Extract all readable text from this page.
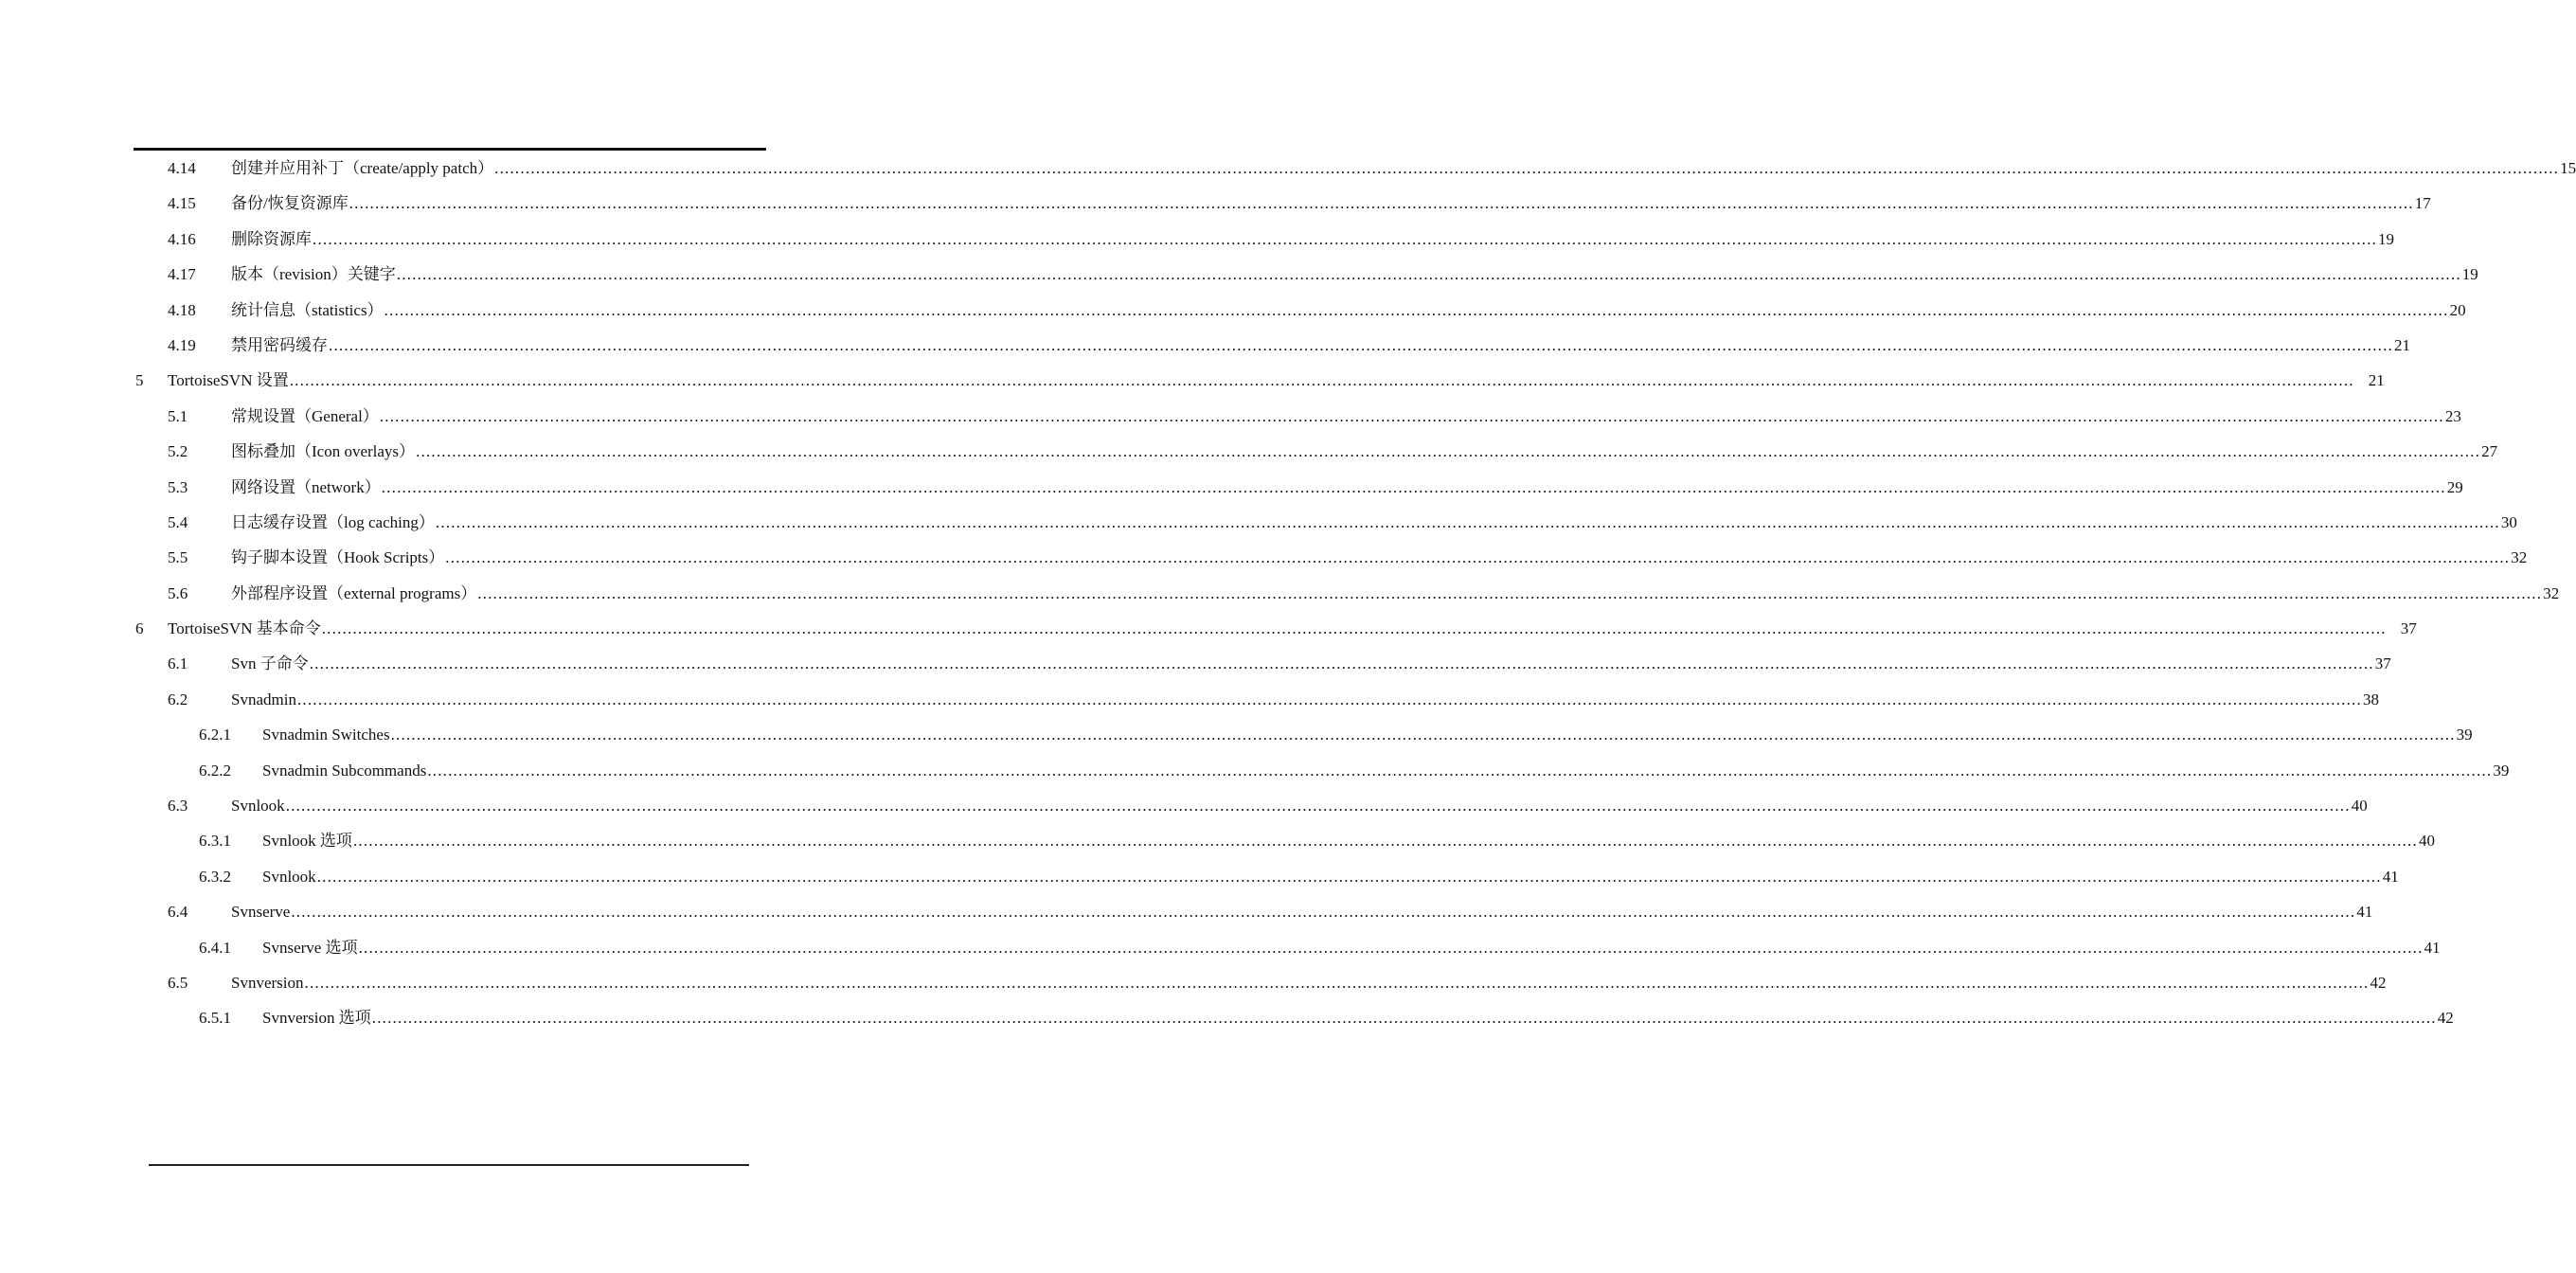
4.14 创建并应用补丁（create/apply patch） ................................................................................................................................................................................................................................................................................................................................................................................................................ 15
4.15 备份/恢复资源库 ................................................................................................................................................................................................................................................................................................................................................................................................................ 17
4.16 删除资源库 ................................................................................................................................................................................................................................................................................................................................................................................................................ 19
4.17 版本（revision）关键字 ................................................................................................................................................................................................................................................................................................................................................................................................................ 19
4.18 统计信息（statistics） ................................................................................................................................................................................................................................................................................................................................................................................................................ 20
4.19 禁用密码缓存 ................................................................................................................................................................................................................................................................................................................................................................................................................ 21
5 TortoiseSVN 设置 ................................................................................................................................................................................................................................................................................................................................................................................................................ 21
5.1	常规设置（General） ................................................................................................................................................................................................................................................................................................................................................................................................................ 23
5.2	图标叠加（Icon overlays） ................................................................................................................................................................................................................................................................................................................................................................................................................ 27
5.3	网络设置（network） ................................................................................................................................................................................................................................................................................................................................................................................................................ 29
5.4	日志缓存设置（log caching） ................................................................................................................................................................................................................................................................................................................................................................................................................ 30
5.5	钩子脚本设置（Hook Scripts） ................................................................................................................................................................................................................................................................................................................................................................................................................ 32
5.6	外部程序设置（external programs） ................................................................................................................................................................................................................................................................................................................................................................................................................ 32
6 TortoiseSVN 基本命令 ................................................................................................................................................................................................................................................................................................................................................................................................................ 37
6.1	Svn 子命令 ................................................................................................................................................................................................................................................................................................................................................................................................................ 37
6.2	Svnadmin ................................................................................................................................................................................................................................................................................................................................................................................................................ 38
6.2.1 Svnadmin Switches ................................................................................................................................................................................................................................................................................................................................................................................................................ 39
6.2.2 Svnadmin Subcommands ................................................................................................................................................................................................................................................................................................................................................................................................................ 39
6.3	Svnlook ................................................................................................................................................................................................................................................................................................................................................................................................................ 40
6.3.1 Svnlook 选项 ................................................................................................................................................................................................................................................................................................................................................................................................................ 40
6.3.2 Svnlook ................................................................................................................................................................................................................................................................................................................................................................................................................ 41
6.4	Svnserve ................................................................................................................................................................................................................................................................................................................................................................................................................ 41
6.4.1 Svnserve 选项 ................................................................................................................................................................................................................................................................................................................................................................................................................ 41
6.5	Svnversion ................................................................................................................................................................................................................................................................................................................................................................................................................ 42
6.5.1 Svnversion 选项 ................................................................................................................................................................................................................................................................................................................................................................................................................ 42
